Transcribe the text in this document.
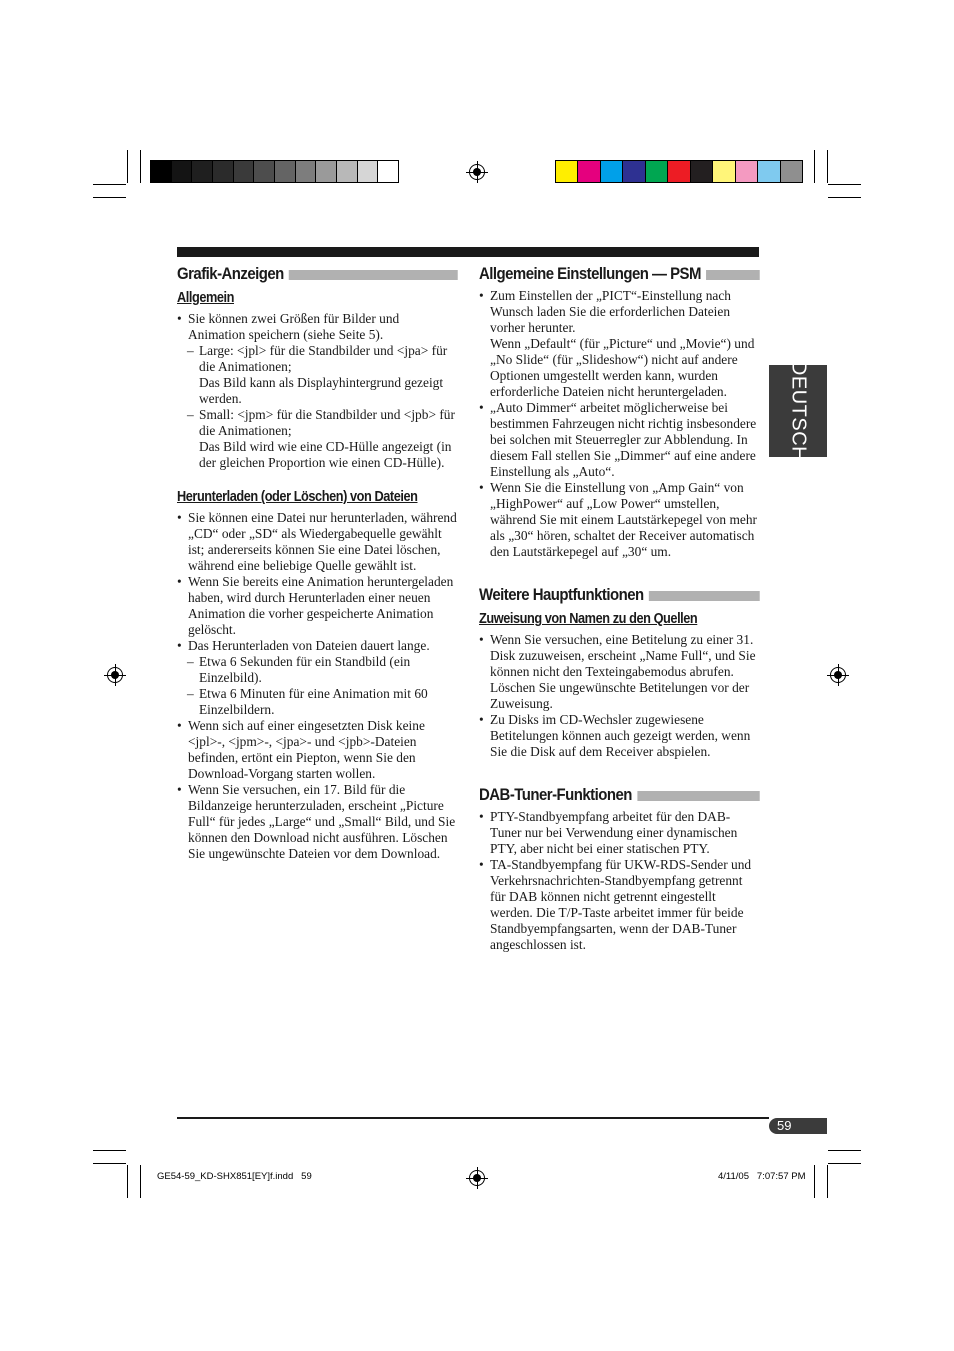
DEUTSCH
Grafik-Anzeigen
Allgemein
• Sie können zwei Größen für Bilder und Animation speichern (siehe Seite 5).
– Large: <jpl> für die Standbilder und <jpa> für die Animationen;
Das Bild kann als Displayhintergrund gezeigt werden.
– Small: <jpm> für die Standbilder und <jpb> für die Animationen;
Das Bild wird wie eine CD-Hülle angezeigt (in der gleichen Proportion wie einen CD-Hülle).
Herunterladen (oder Löschen) von Dateien
• Sie können eine Datei nur herunterladen, während „CD“ oder „SD“ als Wiedergabequelle gewählt ist; andererseits können Sie eine Datei löschen, während eine beliebige Quelle gewählt ist.
• Wenn Sie bereits eine Animation heruntergeladen haben, wird durch Herunterladen einer neuen Animation die vorher gespeicherte Animation gelöscht.
• Das Herunterladen von Dateien dauert lange.
– Etwa 6 Sekunden für ein Standbild (ein Einzelbild).
– Etwa 6 Minuten für eine Animation mit 60 Einzelbildern.
• Wenn sich auf einer eingesetzten Disk keine <jpl>-, <jpm>-, <jpa>- und <jpb>-Dateien befinden, ertönt ein Piepton, wenn Sie den Download-Vorgang starten wollen.
• Wenn Sie versuchen, ein 17. Bild für die Bildanzeige herunterzuladen, erscheint „Picture Full“ für jedes „Large“ und „Small“ Bild, und Sie können den Download nicht ausführen. Löschen Sie ungewünschte Dateien vor dem Download.
Allgemeine Einstellungen — PSM
• Zum Einstellen der „PICT“-Einstellung nach Wunsch laden Sie die erforderlichen Dateien vorher herunter.
Wenn „Default“ (für „Picture“ und „Movie“) und „No Slide“ (für „Slideshow“) nicht auf andere Optionen umgestellt werden kann, wurden erforderliche Dateien nicht heruntergeladen.
• „Auto Dimmer“ arbeitet möglicherweise bei bestimmen Fahrzeugen nicht richtig insbesondere bei solchen mit Steuerregler zur Abblendung. In diesem Fall stellen Sie „Dimmer“ auf eine andere Einstellung als „Auto“.
• Wenn Sie die Einstellung von „Amp Gain“ von „HighPower“ auf „Low Power“ umstellen, während Sie mit einem Lautstärkepegel von mehr als „30“ hören, schaltet der Receiver automatisch den Lautstärkepegel auf „30“ um.
Weitere Hauptfunktionen
Zuweisung von Namen zu den Quellen
• Wenn Sie versuchen, eine Betitelung zu einer 31. Disk zuzuweisen, erscheint „Name Full“, und Sie können nicht den Texteingabemodus abrufen. Löschen Sie ungewünschte Betitelungen vor der Zuweisung.
• Zu Disks im CD-Wechsler zugewiesene Betitelungen können auch gezeigt werden, wenn Sie die Disk auf dem Receiver abspielen.
DAB-Tuner-Funktionen
• PTY-Standbyempfang arbeitet für den DAB-Tuner nur bei Verwendung einer dynamischen PTY, aber nicht bei einer statischen PTY.
• TA-Standbyempfang für UKW-RDS-Sender und Verkehrsnachrichten-Standbyempfang getrennt für DAB können nicht getrennt eingestellt werden. Die T/P-Taste arbeitet immer für beide Standbyempfangsarten, wenn der DAB-Tuner angeschlossen ist.
59
GE54-59_KD-SHX851[EY]f.indd   59	4/11/05   7:07:57 PM
